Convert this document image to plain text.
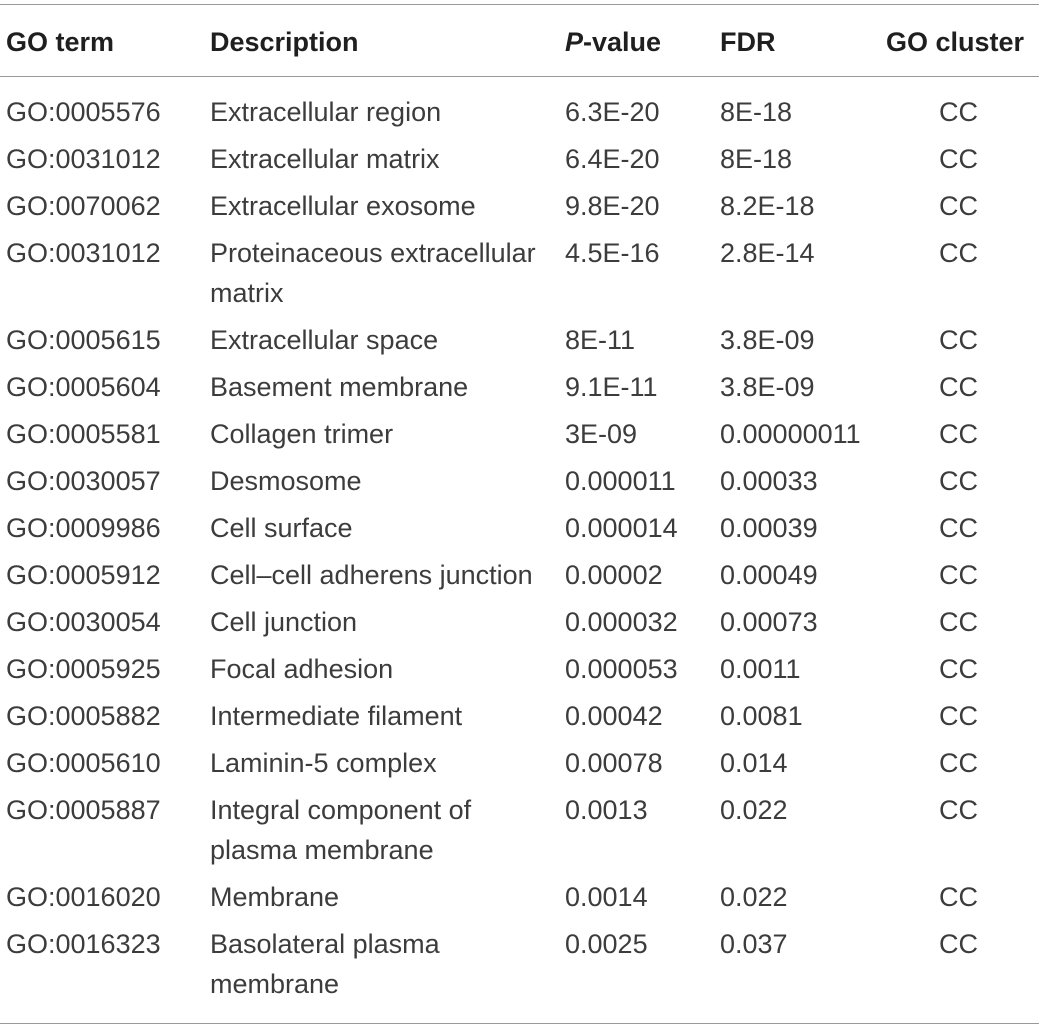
GO term	Description	P-value FDR	GO cluster
GO:0005576 Extracellular region	6.3E-20 8E-18	CC
GO:0031012 Extracellular matrix	6.4E-20 8E-18	CC
GO:0070062 Extracellular exosome	9.8E-20 8.2E-18	CC
GO:0031012 Proteinaceous extracellular
matrix
4.5E-16 2.8E-14	CC
GO:0005615 Extracellular space	8E-11	3.8E-09	CC
GO:0005604 Basement membrane	9.1E-11 3.8E-09	CC
GO:0005581 Collagen trimer	3E-09	0.00000011	CC
GO:0030057 Desmosome	0.000011 0.00033	CC
GO:0009986 Cell surface	0.000014 0.00039	CC
GO:0005912 Cell–cell adherens junction 0.00002 0.00049	CC
GO:0030054 Cell junction	0.000032 0.00073	CC
GO:0005925 Focal adhesion	0.000053 0.0011	CC
GO:0005882 Intermediate filament	0.00042 0.0081	CC
GO:0005610 Laminin-5 complex	0.00078 0.014	CC
GO:0005887 Integral component of
plasma membrane
0.0013	0.022	CC
GO:0016020 Membrane	0.0014	0.022	CC
GO:0016323 Basolateral plasma
membrane
0.0025	0.037	CC
